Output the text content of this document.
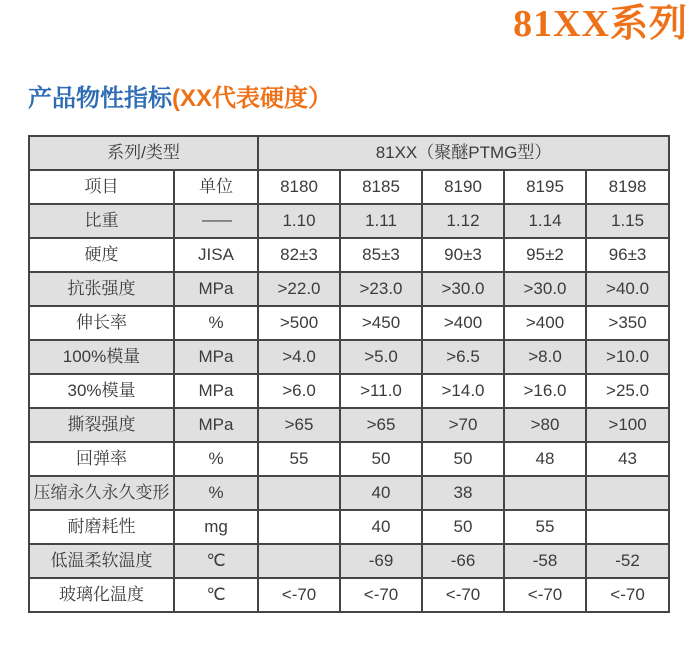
81XX系列
产品物性指标(XX代表硬度）
系列/类型		81XX（聚醚PTMG型）				
项目	单位	8180	8185	8190	8195	8198
比重	——	1.10	1.11	1.12	1.14	1.15
硬度	JISA	82±3	85±3	90±3	95±2	96±3
抗张强度	MPa	>22.0	>23.0	>30.0	>30.0	>40.0
伸长率	%	>500	>450	>400	>400	>350
100%模量	MPa	>4.0	>5.0	>6.5	>8.0	>10.0
30%模量	MPa	>6.0	>11.0	>14.0	>16.0	>25.0
撕裂强度	MPa	>65	>65	>70	>80	>100
回弹率	%	55	50	50	48	43
压缩永久永久变形	%		40	38		
耐磨耗性	mg		40	50	55	
低温柔软温度	℃		-69	-66	-58	-52
玻璃化温度	℃	<-70	<-70	<-70	<-70	<-70
